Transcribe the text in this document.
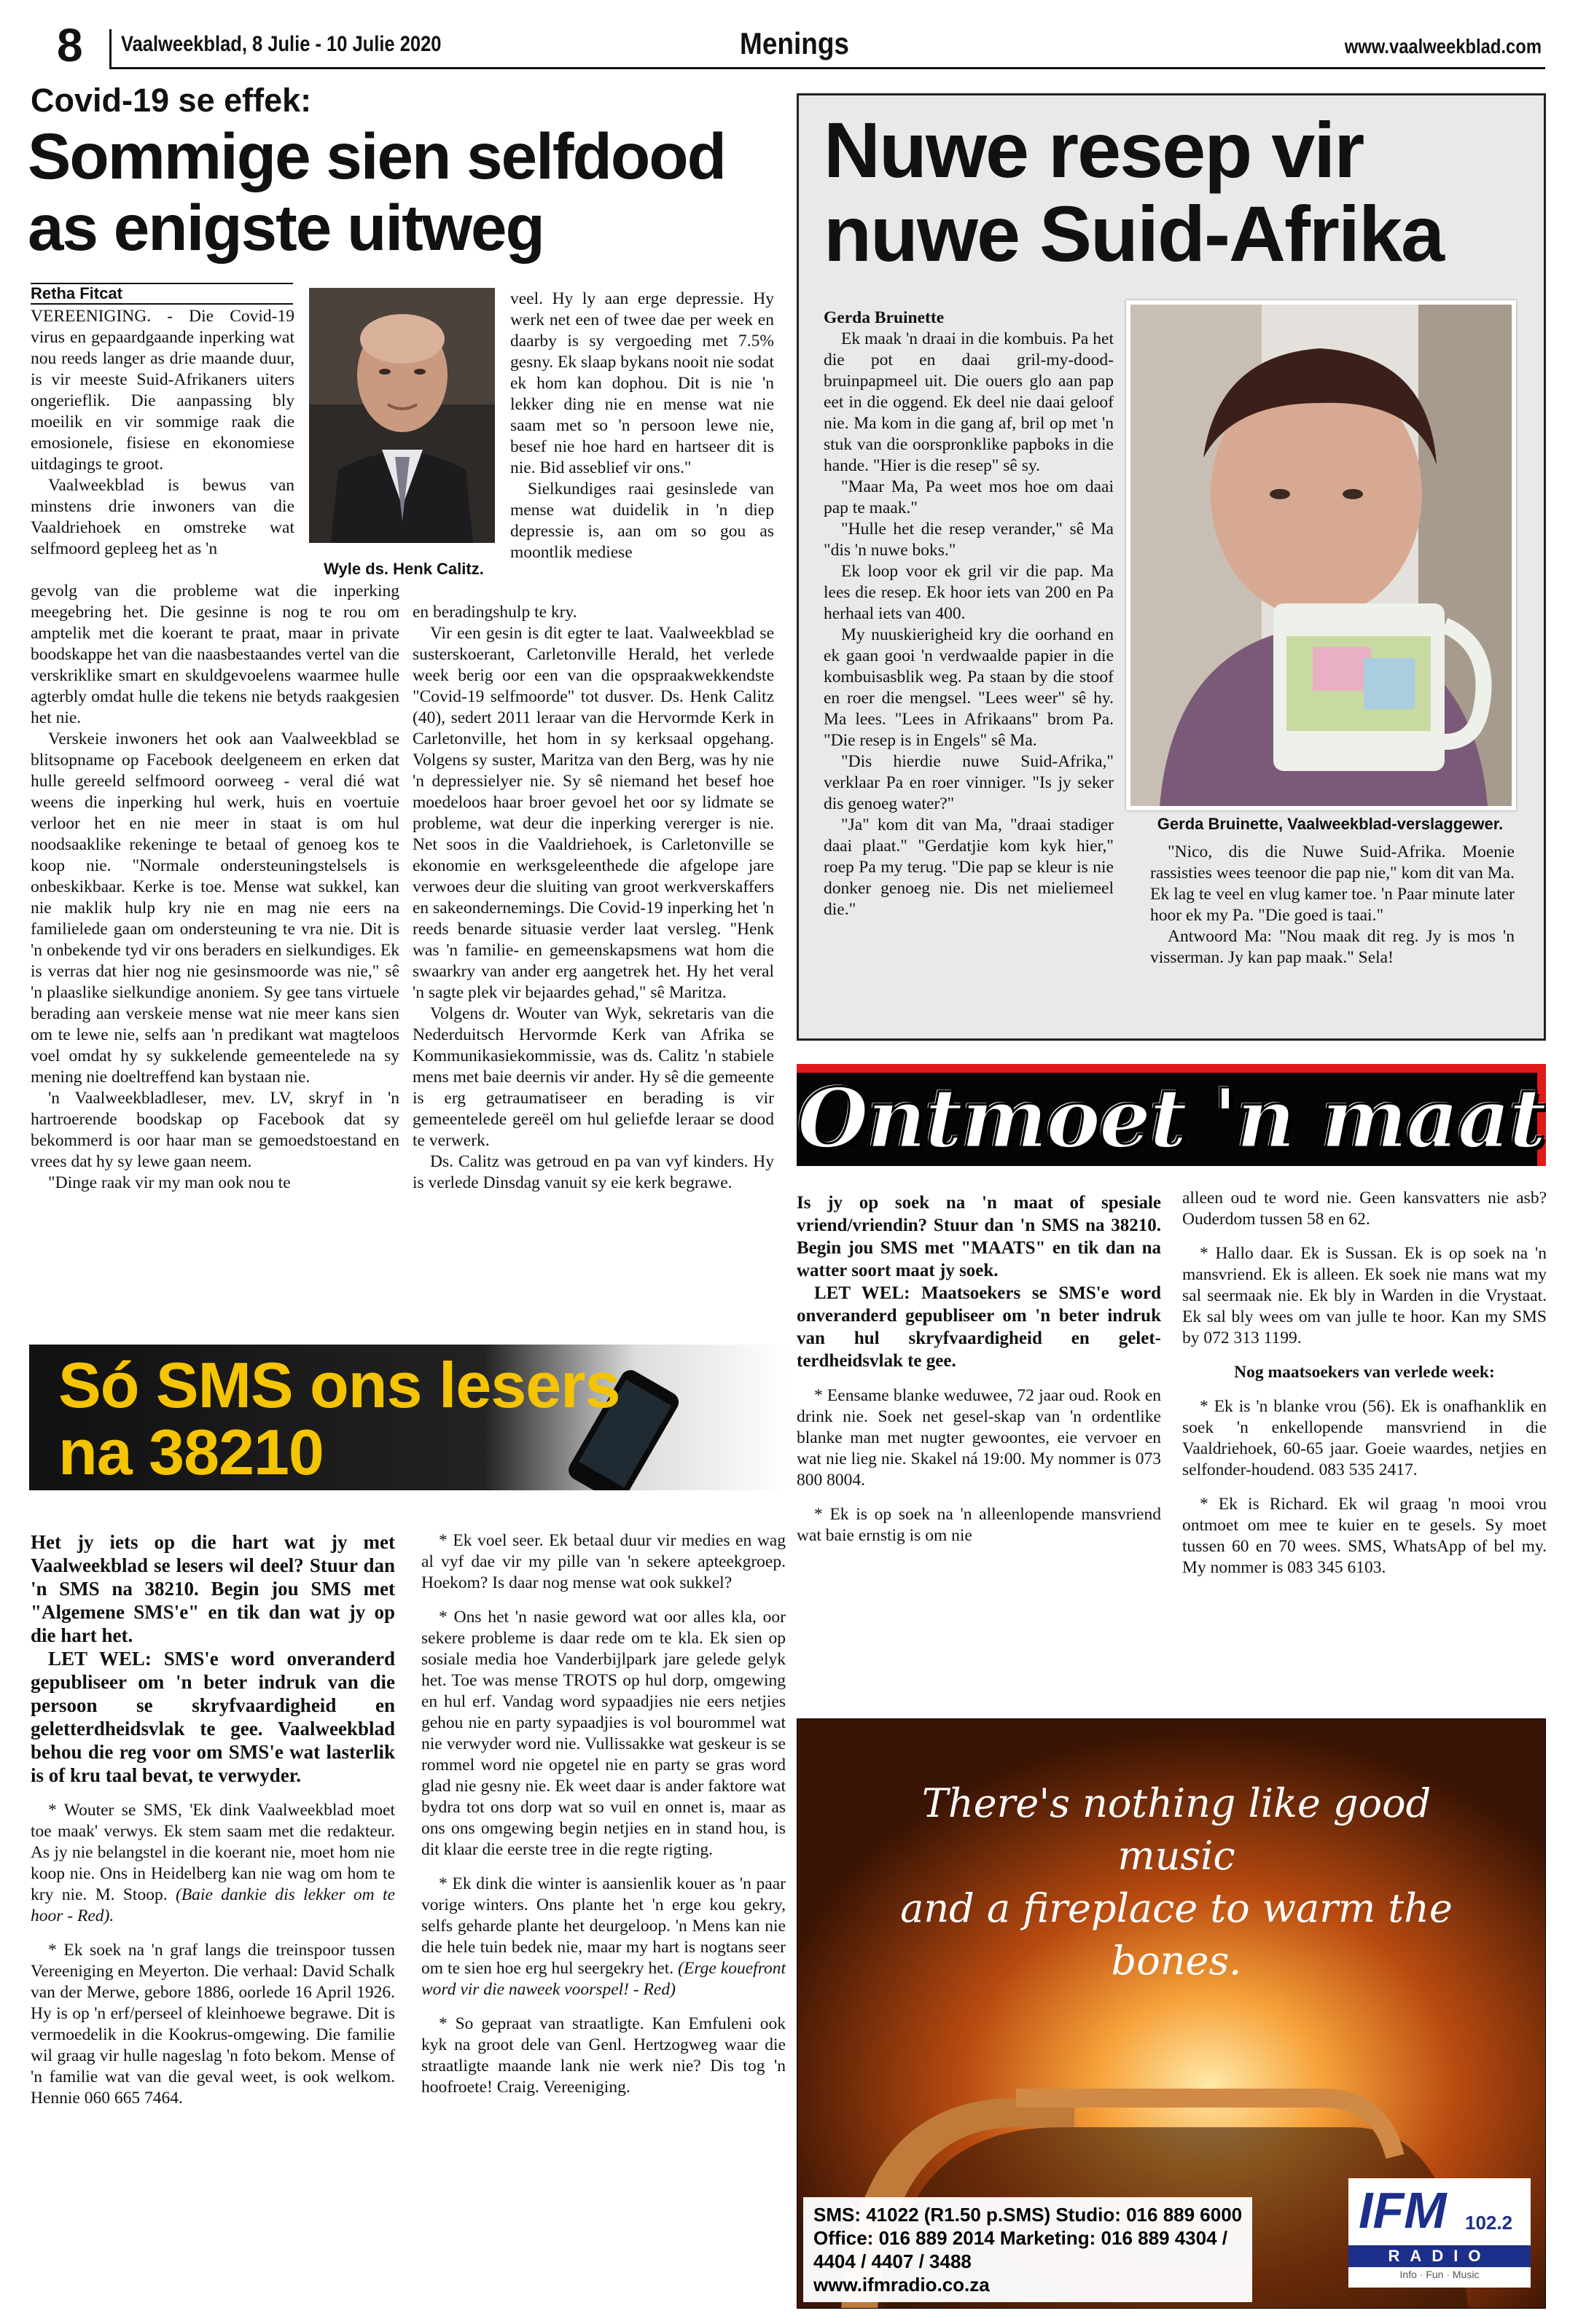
8 Vaalweekblad, 8 Julie - 10 Julie 2020	Menings	www.vaalweekblad.com
Covid-19 se effek:
Sommige sien selfdood as enigste uitweg
Retha Fitcat

VEREENIGING. - Die Covid-19 virus en gepaardgaande inperking wat nou reeds langer as drie maande duur, is vir meeste Suid-Afrikaners uiters ongerieflik. Die aanpassing bly moeilik en vir sommige raak die emosionele, fisiese en ekonomiese uitdagings te groot.

Vaalweekblad is bewus van minstens drie inwoners van die Vaaldriehoek en omstreke wat selfmoord gepleeg het as 'n

Wyle ds. Henk Calitz.

gevolg van die probleme wat die inperking meegebring het. Die gesinne is nog te rou om amptelik met die koerant te praat, maar in private boodskappe het van die naasbestaandes vertel van die verskriklike smart en skuldgevoelens waarmee hulle agterbly omdat hulle die tekens nie betyds raakgesien het nie.

Verskeie inwoners het ook aan Vaalweekblad se blitsopname op Facebook deelgeneem en erken dat hulle gereeld selfmoord oorweeg - veral dié wat weens die inperking hul werk, huis en voertuie verloor het en nie meer in staat is om hul noodsaaklike rekeninge te betaal of genoeg kos te koop nie. "Normale ondersteuningstelsels is onbeskikbaar. Kerke is toe. Mense wat sukkel, kan nie maklik hulp kry nie en mag nie eers na familielede gaan om ondersteuning te vra nie. Dit is 'n onbekende tyd vir ons beraders en sielkundiges. Ek is verras dat hier nog nie gesinsmoorde was nie," sê 'n plaaslike sielkundige anoniem. Sy gee tans virtuele berading aan verskeie mense wat nie meer kans sien om te lewe nie, selfs aan 'n predikant wat magteloos voel omdat hy sy sukkelende gemeentelede na sy mening nie doeltreffend kan bystaan nie.

'n Vaalweekbladleser, mev. LV, skryf in 'n hartroerende boodskap op Facebook dat sy bekommerd is oor haar man se gemoedstoestand en vrees dat hy sy lewe gaan neem.

"Dinge raak vir my man ook nou te

veel. Hy ly aan erge depressie. Hy werk net een of twee dae per week en daarby is sy vergoeding met 7.5% gesny. Ek slaap bykans nooit nie sodat ek hom kan dophou. Dit is nie 'n lekker ding nie en mense wat nie saam met so 'n persoon lewe nie, besef nie hoe hard en hartseer dit is nie. Bid asseblief vir ons."

Sielkundiges raai gesinslede van mense wat duidelik in 'n diep depressie is, aan om so gou as moontlik mediese

en beradingshulp te kry.

Vir een gesin is dit egter te laat. Vaalweekblad se susterskoerant, Carletonville Herald, het verlede week berig oor een van die opspraakwekkendste "Covid-19 selfmoorde" tot dusver. Ds. Henk Calitz (40), sedert 2011 leraar van die Hervormde Kerk in Carletonville, het hom in sy kerksaal opgehang. Volgens sy suster, Maritza van den Berg, was hy nie 'n depressielyer nie. Sy sê niemand het besef hoe moedeloos haar broer gevoel het oor sy lidmate se probleme, wat deur die inperking vererger is nie. Net soos in die Vaaldriehoek, is Carletonville se ekonomie en werksgeleenthede die afgelope jare verwoes deur die sluiting van groot werkverskaffers en sakeondernemings. Die Covid-19 inperking het 'n reeds benarde situasie verder laat versleg. "Henk was 'n familie- en gemeenskapsmens wat hom die swaarkry van ander erg aangetrek het. Hy het veral 'n sagte plek vir bejaardes gehad," sê Maritza.

Volgens dr. Wouter van Wyk, sekretaris van die Nederduitsch Hervormde Kerk van Afrika se Kommunikasiekommissie, was ds. Calitz 'n stabiele mens met baie deernis vir ander. Hy sê die gemeente is erg getraumatiseer en berading is vir gemeentelede gereël om hul geliefde leraar se dood te verwerk.

Ds. Calitz was getroud en pa van vyf kinders. Hy is verlede Dinsdag vanuit sy eie kerk begrawe.

Nuwe resep vir nuwe Suid-Afrika

Gerda Bruinette

Ek maak 'n draai in die kombuis. Pa het die pot en daai gril-my-dood-bruinpapmeel uit. Die ouers glo aan pap eet in die oggend. Ek deel nie daai geloof nie. Ma kom in die gang af, bril op met 'n stuk van die oorspronklike papboks in die hande. "Hier is die resep" sê sy.

"Maar Ma, Pa weet mos hoe om daai pap te maak."

"Hulle het die resep verander," sê Ma "dis 'n nuwe boks."

Ek loop voor ek gril vir die pap. Ma lees die resep. Ek hoor iets van 200 en Pa herhaal iets van 400.

My nuuskierigheid kry die oorhand en ek gaan gooi 'n verdwaalde papier in die kombuisasblik weg. Pa staan by die stoof en roer die mengsel. "Lees weer" sê hy. Ma lees. "Lees in Afrikaans" brom Pa. "Die resep is in Engels" sê Ma.

"Dis hierdie nuwe Suid-Afrika," verklaar Pa en roer vinniger. "Is jy seker dis genoeg water?"

"Ja" kom dit van Ma, "draai stadiger daai plaat." "Gerdatjie kom kyk hier," roep Pa my terug. "Die pap se kleur is nie donker genoeg nie. Dis net mieliemeel die."

Gerda Bruinette, Vaalweekblad-verslaggewer.

"Nico, dis die Nuwe Suid-Afrika. Moenie rassisties wees teenoor die pap nie," kom dit van Ma. Ek lag te veel en vlug kamer toe. 'n Paar minute later hoor ek my Pa. "Die goed is taai."

Antwoord Ma: "Nou maak dit reg. Jy is mos 'n visserman. Jy kan pap maak." Sela!

Ontmoet 'n maat

Is jy op soek na 'n maat of spesiale vriend/vriendin? Stuur dan 'n SMS na 38210. Begin jou SMS met "MAATS" en tik dan na watter soort maat jy soek.

LET WEL: Maatsoekers se SMS'e word onveranderd gepubliseer om 'n beter indruk van hul skryfvaardigheid en gelet-terdheidsvlak te gee.

* Eensame blanke weduwee, 72 jaar oud. Rook en drink nie. Soek net gesel-skap van 'n ordentlike blanke man met nugter gewoontes, eie vervoer en wat nie lieg nie. Skakel ná 19:00. My nommer is 073 800 8004.

* Ek is op soek na 'n alleenlopende mansvriend wat baie ernstig is om nie

alleen oud te word nie. Geen kansvatters nie asb? Ouderdom tussen 58 en 62.

* Hallo daar. Ek is Sussan. Ek is op soek na 'n mansvriend. Ek is alleen. Ek soek nie mans wat my sal seermaak nie. Ek bly in Warden in die Vrystaat. Ek sal bly wees om van julle te hoor. Kan my SMS by 072 313 1199.

Nog maatsoekers van verlede week:

* Ek is 'n blanke vrou (56). Ek is onafhanklik en soek 'n enkellopende mansvriend in die Vaaldriehoek, 60-65 jaar. Goeie waardes, netjies en selfonder-houdend. 083 535 2417.

* Ek is Richard. Ek wil graag 'n mooi vrou ontmoet om mee te kuier en te gesels. Sy moet tussen 60 en 70 wees. SMS, WhatsApp of bel my. My nommer is 083 345 6103.

Só SMS ons lesers
na 38210

Het jy iets op die hart wat jy met Vaalweekblad se lesers wil deel? Stuur dan 'n SMS na 38210. Begin jou SMS met "Algemene SMS'e" en tik dan wat jy op die hart het.

LET WEL: SMS'e word onveranderd gepubliseer om 'n beter indruk van die persoon se skryfvaardigheid en geletterdheidsvlak te gee. Vaalweekblad behou die reg voor om SMS'e wat lasterlik is of kru taal bevat, te verwyder.

* Wouter se SMS, 'Ek dink Vaalweekblad moet toe maak' verwys. Ek stem saam met die redakteur. As jy nie belangstel in die koerant nie, moet hom nie koop nie. Ons in Heidelberg kan nie wag om hom te kry nie. M. Stoop. (Baie dankie dis lekker om te hoor - Red).

* Ek soek na 'n graf langs die treinspoor tussen Vereeniging en Meyerton. Die verhaal: David Schalk van der Merwe, gebore 1886, oorlede 16 April 1926. Hy is op 'n erf/perseel of kleinhoewe begrawe. Dit is vermoedelik in die Kookrus-omgewing. Die familie wil graag vir hulle nageslag 'n foto bekom. Mense of 'n familie wat van die geval weet, is ook welkom. Hennie 060 665 7464.

* Ek voel seer. Ek betaal duur vir medies en wag al vyf dae vir my pille van 'n sekere apteekgroep. Hoekom? Is daar nog mense wat ook sukkel?

* Ons het 'n nasie geword wat oor alles kla, oor sekere probleme is daar rede om te kla. Ek sien op sosiale media hoe Vanderbijlpark jare gelede gelyk het. Toe was mense TROTS op hul dorp, omgewing en hul erf. Vandag word sypaadjies nie eers netjies gehou nie en party sypaadjies is vol bourommel wat nie verwyder word nie. Vullissakke wat geskeur is se rommel word nie opgetel nie en party se gras word glad nie gesny nie. Ek weet daar is ander faktore wat bydra tot ons dorp wat so vuil en onnet is, maar as ons ons omgewing begin netjies en in stand hou, is dit klaar die eerste tree in die regte rigting.

* Ek dink die winter is aansienlik kouer as 'n paar vorige winters. Ons plante het 'n erge kou gekry, selfs geharde plante het deurgeloop. 'n Mens kan nie die hele tuin bedek nie, maar my hart is nogtans seer om te sien hoe erg hul seergekry het. (Erge kouefront word vir die naweek voorspel! - Red)

* So gepraat van straatligte. Kan Emfuleni ook kyk na groot dele van Genl. Hertzogweg waar die straatligte maande lank nie werk nie? Dis tog 'n hoofroete! Craig. Vereeniging.

There's nothing like good music
and a fireplace to warm the bones.
SMS: 41022 (R1.50 p.SMS) Studio: 016 889 6000
Office: 016 889 2014 Marketing: 016 889 4304 /
4404 / 4407 / 3488
www.ifmradio.co.za
IFM 102.2
RADIO
Info · Fun · Music
